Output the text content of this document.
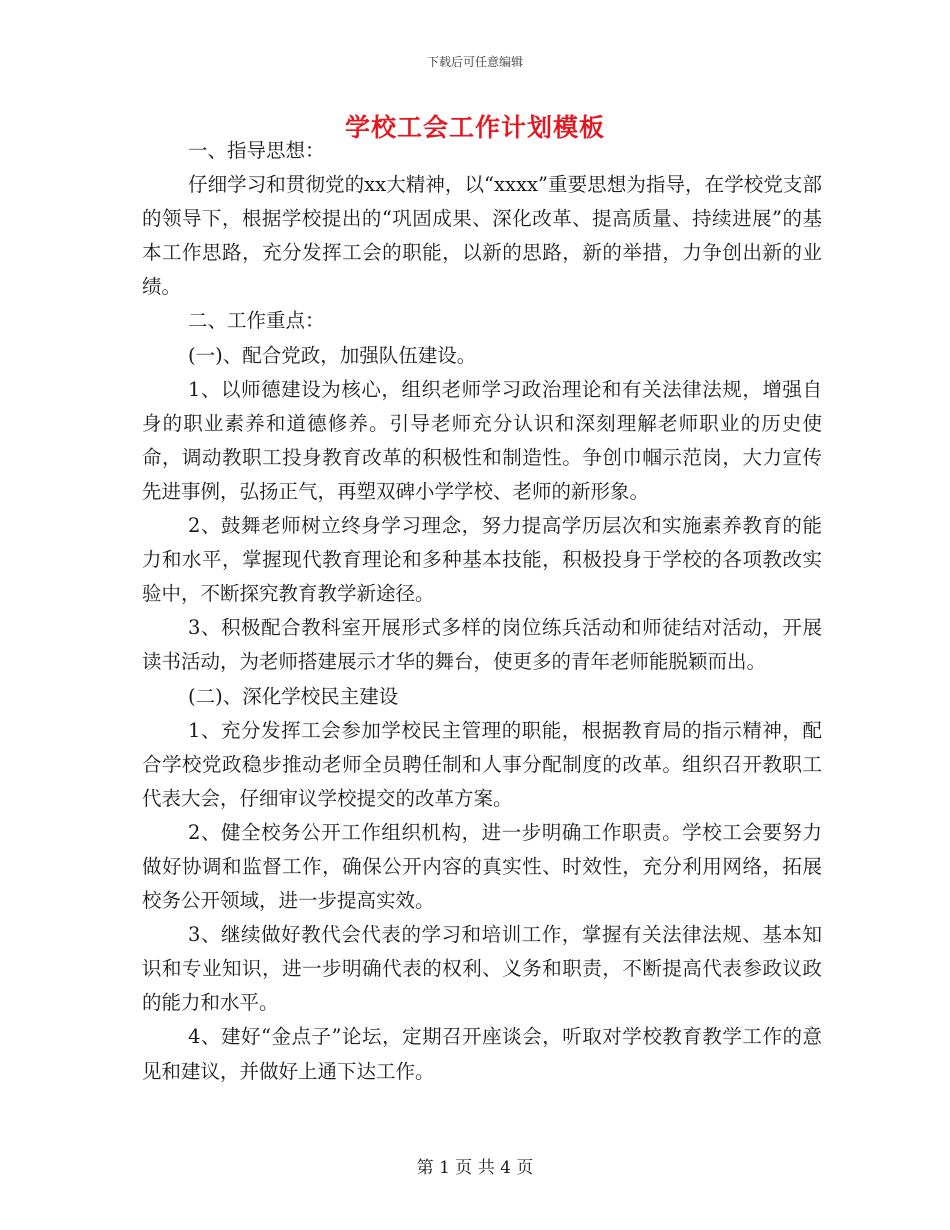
下载后可任意编辑
学校工会工作计划模板

一、指导思想：

仔细学习和贯彻党的xx大精神，以“xxxx”重要思想为指导，在学校党支部的领导下，根据学校提出的“巩固成果、深化改革、提高质量、持续进展”的基本工作思路，充分发挥工会的职能，以新的思路，新的举措，力争创出新的业绩。

二、工作重点：

(一)、配合党政，加强队伍建设。

1、以师德建设为核心，组织老师学习政治理论和有关法律法规，增强自身的职业素养和道德修养。引导老师充分认识和深刻理解老师职业的历史使命，调动教职工投身教育改革的积极性和制造性。争创巾帼示范岗，大力宣传先进事例，弘扬正气，再塑双碑小学学校、老师的新形象。

2、鼓舞老师树立终身学习理念，努力提高学历层次和实施素养教育的能力和水平，掌握现代教育理论和多种基本技能，积极投身于学校的各项教改实验中，不断探究教育教学新途径。

3、积极配合教科室开展形式多样的岗位练兵活动和师徒结对活动，开展读书活动，为老师搭建展示才华的舞台，使更多的青年老师能脱颖而出。

(二)、深化学校民主建设

1、充分发挥工会参加学校民主管理的职能，根据教育局的指示精神，配合学校党政稳步推动老师全员聘任制和人事分配制度的改革。组织召开教职工代表大会，仔细审议学校提交的改革方案。

2、健全校务公开工作组织机构，进一步明确工作职责。学校工会要努力做好协调和监督工作，确保公开内容的真实性、时效性，充分利用网络，拓展校务公开领域，进一步提高实效。

3、继续做好教代会代表的学习和培训工作，掌握有关法律法规、基本知识和专业知识，进一步明确代表的权利、义务和职责，不断提高代表参政议政的能力和水平。

4、建好“金点子”论坛，定期召开座谈会，听取对学校教育教学工作的意见和建议，并做好上通下达工作。

第 1 页 共 4 页
